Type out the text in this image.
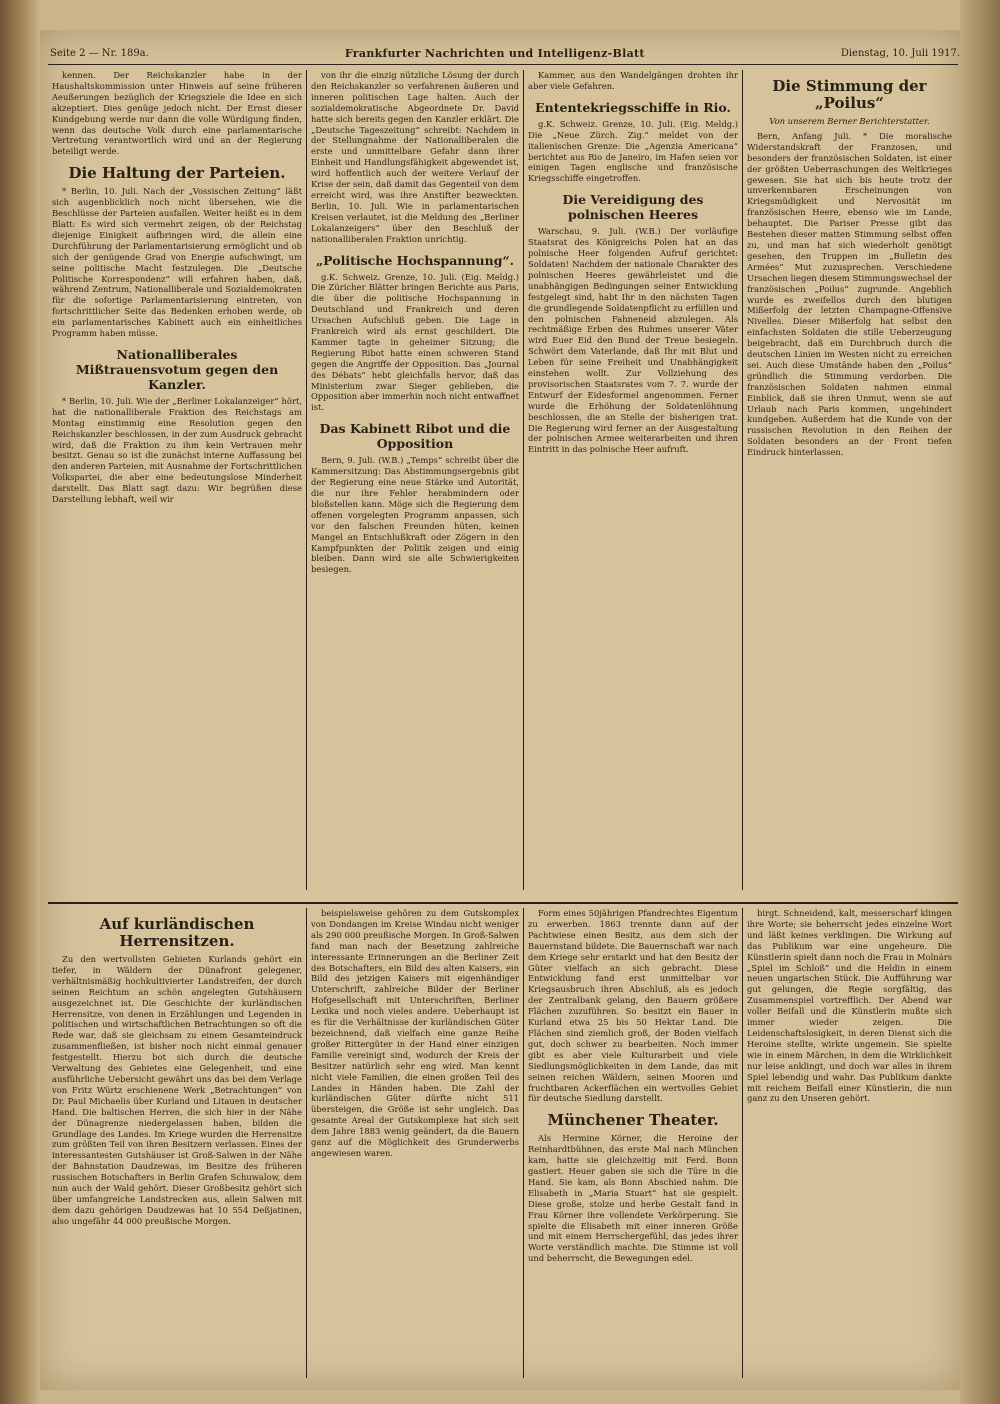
Seite 2 — Nr. 189a.	Frankfurter Nachrichten und Intelligenz-Blatt	Dienstag, 10. Juli 1917.

kennen. Der Reichskanzler habe in der Haushaltskommission unter Hinweis auf seine früheren Aeußerungen bezüglich der Kriegsziele die Idee en sich akzeptiert. Dies genüge jedoch nicht. Der Ernst dieser Kundgebung werde nur dann die volle Würdigung finden, wenn das deutsche Volk durch eine parlamentarische Vertretung verantwortlich wird und an der Regierung beteiligt werde.

Die Haltung der Parteien.

* Berlin, 10. Juli. Nach der „Vossischen Zeitung“ läßt sich augenblicklich noch nicht übersehen, wie die Beschlüsse der Parteien ausfallen. Weiter heißt es in dem Blatt: Es wird sich vermehrt zeigen, ob der Reichstag diejenige Einigkeit aufbringen wird, die allein eine Durchführung der Parlamentarisierung ermöglicht und ob sich der genügende Grad von Energie aufschwingt, um seine politische Macht festzulegen. Die „Deutsche Politische Korrespondenz“ will erfahren haben, daß, während Zentrum, Nationalliberale und Sozialdemokraten für die sofortige Parlamentarisierung eintreten, von fortschrittlicher Seite das Bedenken erhoben werde, ob ein parlamentarisches Kabinett auch ein einheitliches Programm haben müsse.

Nationalliberales Mißtrauensvotum gegen den Kanzler.

* Berlin, 10. Juli. Wie der „Berliner Lokalanzeiger“ hört, hat die nationalliberale Fraktion des Reichstags am Montag einstimmig eine Resolution gegen den Reichskanzler beschlossen, in der zum Ausdruck gebracht wird, daß die Fraktion zu ihm kein Vertrauen mehr besitzt. Genau so ist die zunächst interne Auffassung bei den anderen Parteien, mit Ausnahme der Fortschrittlichen Volkspartei, die aber eine bedeutungslose Minderheit darstellt. Das Blatt sagt dazu: Wir begrüßen diese Darstellung lebhaft, weil wir

von ihr die einzig nützliche Lösung der durch den Reichskanzler so verfahrenen äußeren und inneren politischen Lage halten. Auch der sozialdemokratische Abgeordnete Dr. David hatte sich bereits gegen den Kanzler erklärt. Die „Deutsche Tageszeitung“ schreibt: Nachdem in der Stellungnahme der Nationalliberalen die erste und unmittelbare Gefahr dann ihrer Einheit und Handlungsfähigkeit abgewendet ist, wird hoffentlich auch der weitere Verlauf der Krise der sein, daß damit das Gegenteil von dem erreicht wird, was ihre Anstifter bezweckten. Berlin, 10. Juli. Wie in parlamentarischen Kreisen verlautet, ist die Meldung des „Berliner Lokalanzeigers“ über den Beschluß der nationalliberalen Fraktion unrichtig.

„Politische Hochspannung“.

g.K. Schweiz. Grenze, 10. Juli. (Eig. Meldg.) Die Züricher Blätter bringen Berichte aus Paris, die über die politische Hochspannung in Deutschland und Frankreich und deren Ursachen Aufschluß geben. Die Lage in Frankreich wird als ernst geschildert. Die Kammer tagte in geheimer Sitzung; die Regierung Ribot hatte einen schweren Stand gegen die Angriffe der Opposition. Das „Journal des Débats“ hebt gleichfalls hervor, daß das Ministerium zwar Sieger geblieben, die Opposition aber immerhin noch nicht entwaffnet ist.

Das Kabinett Ribot und die Opposition

Bern, 9. Juli. (W.B.) „Temps“ schreibt über die Kammersitzung: Das Abstimmungsergebnis gibt der Regierung eine neue Stärke und Autorität, die nur ihre Fehler herabmindern oder bloßstellen kann. Möge sich die Regierung dem offenen vorgelegten Programm anpassen, sich vor den falschen Freunden hüten, keinen Mangel an Entschlußkraft oder Zögern in den Kampfpunkten der Politik zeigen und einig bleiben. Dann wird sie alle Schwierigkeiten besiegen.

Kammer, aus den Wandelgängen drohten ihr aber viele Gefahren.

Ententekriegsschiffe in Rio.

g.K. Schweiz. Grenze, 10. Juli. (Eig. Meldg.) Die „Neue Zürch. Zig.“ meldet von der italienischen Grenze: Die „Agenzia Americana“ berichtet aus Rio de Janeiro, im Hafen seien vor einigen Tagen englische und französische Kriegsschiffe eingetroffen.

Die Vereidigung des polnischen Heeres

Warschau, 9. Juli. (W.B.) Der vorläufige Staatsrat des Königreichs Polen hat an das polnische Heer folgenden Aufruf gerichtet: Soldaten! Nachdem der nationale Charakter des polnischen Heeres gewährleistet und die unabhängigen Bedingungen seiner Entwicklung festgelegt sind, habt Ihr in den nächsten Tagen die grundlegende Soldatenpflicht zu erfüllen und den polnischen Fahneneid abzulegen. Als rechtmäßige Erben des Ruhmes unserer Väter wird Euer Eid den Bund der Treue besiegeln. Schwört dem Vaterlande, daß Ihr mit Blut und Leben für seine Freiheit und Unabhängigkeit einstehen wollt. Zur Vollziehung des provisorischen Staatsrates vom 7. 7. wurde der Entwurf der Eidesformel angenommen. Ferner wurde die Erhöhung der Soldatenlöhnung beschlossen, die an Stelle der bisherigen trat. Die Regierung wird ferner an der Ausgestaltung der polnischen Armee weiterarbeiten und ihren Eintritt in das polnische Heer aufruft.

Die Stimmung der „Poilus“
Von unserem Berner Berichterstatter.

Bern, Anfang Juli. * Die moralische Widerstandskraft der Franzosen, und besonders der französischen Soldaten, ist einer der größten Ueberraschungen des Weltkrieges gewesen. Sie hat sich bis heute trotz der unverkennbaren Erscheinungen von Kriegsmüdigkeit und Nervosität im französischen Heere, ebenso wie im Lande, behauptet. Die Pariser Presse gibt das Bestehen dieser matten Stimmung selbst offen zu, und man hat sich wiederholt genötigt gesehen, den Truppen im „Bulletin des Armées“ Mut zuzusprechen. Verschiedene Ursachen liegen diesem Stimmungswechsel der französischen „Poilus“ zugrunde. Angeblich wurde es zweifellos durch den blutigen Mißerfolg der letzten Champagne-Offensive Nivelles. Dieser Mißerfolg hat selbst den einfachsten Soldaten die stille Ueberzeugung beigebracht, daß ein Durchbruch durch die deutschen Linien im Westen nicht zu erreichen sei. Auch diese Umstände haben den „Poilus“ gründlich die Stimmung verdorben. Die französischen Soldaten nahmen einmal Einblick, daß sie ihren Unmut, wenn sie auf Urlaub nach Paris kommen, ungehindert kundgeben. Außerdem hat die Kunde von der russischen Revolution in den Reihen der Soldaten besonders an der Front tiefen Eindruck hinterlassen.

Auf kurländischen Herrensitzen.

Zu den wertvollsten Gebieten Kurlands gehört ein tiefer, in Wäldern der Dünafront gelegener, verhältnismäßig hochkultivierter Landstreifen, der durch seinen Reichtum an schön angelegten Gutshäusern ausgezeichnet ist. Die Geschichte der kurländischen Herrensitze, von denen in Erzählungen und Legenden in politischen und wirtschaftlichen Betrachtungen so oft die Rede war, daß sie gleichsam zu einem Gesamteindruck zusammenfließen, ist bisher noch nicht einmal genauer festgestellt. Hierzu bot sich durch die deutsche Verwaltung des Gebietes eine Gelegenheit, und eine ausführliche Uebersicht gewährt uns das bei dem Verlage von Fritz Würtz erschienene Werk „Betrachtungen“ von Dr. Paul Michaelis über Kurland und Litauen in deutscher Hand. Die baltischen Herren, die sich hier in der Nähe der Dünagrenze niedergelassen haben, bilden die Grundlage des Landes. Im Kriege wurden die Herrensitze zum größten Teil von ihren Besitzern verlassen. Eines der interessantesten Gutshäuser ist Groß-Salwen in der Nähe der Bahnstation Daudzewas, im Besitze des früheren russischen Botschafters in Berlin Grafen Schuwalow, dem nun auch der Wald gehört. Dieser Großbesitz gehört sich über umfangreiche Landstrecken aus, allein Salwen mit dem dazu gehörigen Daudzewas hat 10 554 Deßjatinen, also ungefähr 44 000 preußische Morgen.

beispielsweise gehören zu dem Gutskomplex von Dondangen im Kreise Windau nicht weniger als 290 000 preußische Morgen. In Groß-Salwen fand man nach der Besetzung zahlreiche interessante Erinnerungen an die Berliner Zeit des Botschafters, ein Bild des alten Kaisers, ein Bild des jetzigen Kaisers mit eigenhändiger Unterschrift, zahlreiche Bilder der Berliner Hofgesellschaft mit Unterschriften, Berliner Lexika und noch vieles andere. Ueberhaupt ist es für die Verhältnisse der kurländischen Güter bezeichnend, daß vielfach eine ganze Reihe großer Rittergüter in der Hand einer einzigen Familie vereinigt sind, wodurch der Kreis der Besitzer natürlich sehr eng wird. Man kennt nicht viele Familien, die einen großen Teil des Landes in Händen haben. Die Zahl der kurländischen Güter dürfte nicht 511 übersteigen, die Größe ist sehr ungleich. Das gesamte Areal der Gutskomplexe hat sich seit dem Jahre 1883 wenig geändert, da die Bauern ganz auf die Möglichkeit des Grunderwerbs angewiesen waren.

Form eines 50jährigen Pfandrechtes Eigentum zu erwerben. 1863 trennte dann auf der Pachtwiese einen Besitz, aus dem sich der Bauernstand bildete. Die Bauernschaft war nach dem Kriege sehr erstarkt und hat den Besitz der Güter vielfach an sich gebracht. Diese Entwicklung fand erst unmittelbar vor Kriegsausbruch ihren Abschluß, als es jedoch der Zentralbank gelang, den Bauern größere Flächen zuzuführen. So besitzt ein Bauer in Kurland etwa 25 bis 50 Hektar Land. Die Flächen sind ziemlich groß, der Boden vielfach gut, doch schwer zu bearbeiten. Noch immer gibt es aber viele Kulturarbeit und viele Siedlungsmöglichkeiten in dem Lande, das mit seinen reichen Wäldern, seinen Mooren und fruchtbaren Ackerflächen ein wertvolles Gebiet für deutsche Siedlung darstellt.

Münchener Theater.

Als Hermine Körner, die Heroine der Reinhardtbühnen, das erste Mal nach München kam, hatte sie gleichzeitig mit Ferd. Bonn gastiert. Heuer gaben sie sich die Türe in die Hand. Sie kam, als Bonn Abschied nahm. Die Elisabeth in „Maria Stuart“ hat sie gespielt. Diese große, stolze und herbe Gestalt fand in Frau Körner ihre vollendete Verkörperung. Sie spielte die Elisabeth mit einer inneren Größe und mit einem Herrschergefühl, das jedes ihrer Worte verständlich machte. Die Stimme ist voll und beherrscht, die Bewegungen edel.

birgt. Schneidend, kalt, messerscharf klingen ihre Worte; sie beherrscht jedes einzelne Wort und läßt keines verklingen. Die Wirkung auf das Publikum war eine ungeheure. Die Künstlerin spielt dann noch die Frau in Molnárs „Spiel im Schloß“ und die Heldin in einem neuen ungarischen Stück. Die Aufführung war gut gelungen, die Regie sorgfältig, das Zusammenspiel vortrefflich. Der Abend war voller Beifall und die Künstlerin mußte sich immer wieder zeigen. Die Leidenschaftslosigkeit, in deren Dienst sich die Heroine stellte, wirkte ungemein. Sie spielte wie in einem Märchen, in dem die Wirklichkeit nur leise anklingt, und doch war alles in ihrem Spiel lebendig und wahr. Das Publikum dankte mit reichem Beifall einer Künstlerin, die nun ganz zu den Unseren gehört.
